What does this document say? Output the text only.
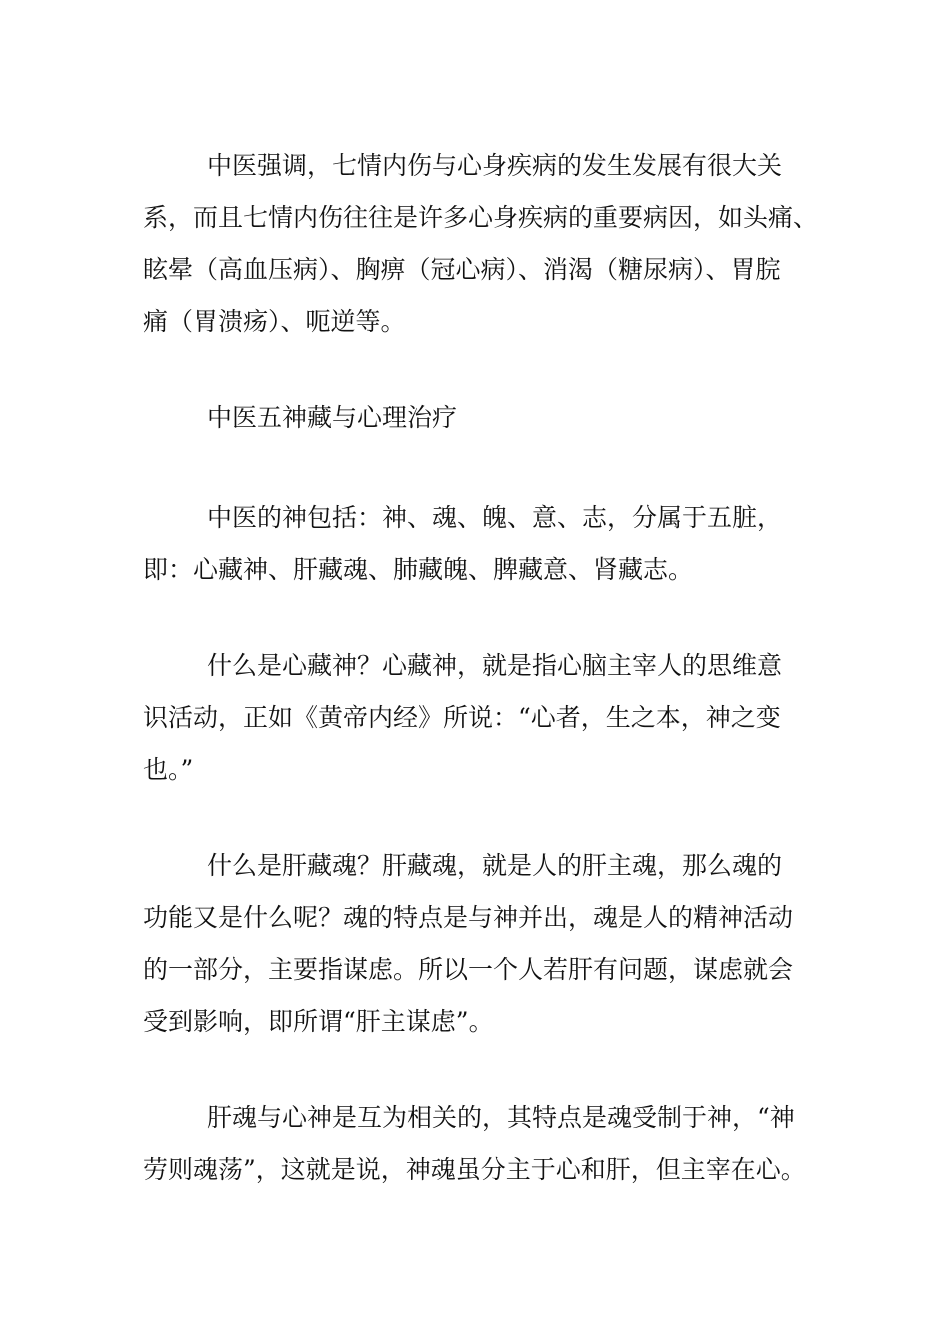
中医强调，七情内伤与心身疾病的发生发展有很大关

系，而且七情内伤往往是许多心身疾病的重要病因，如头痛、

眩晕（高血压病）、胸痹（冠心病）、消渴（糖尿病）、胃脘

痛（胃溃疡）、呃逆等。

中医五神藏与心理治疗

中医的神包括：神、魂、魄、意、志，分属于五脏，

即：心藏神、肝藏魂、肺藏魄、脾藏意、肾藏志。

什么是心藏神？心藏神，就是指心脑主宰人的思维意

识活动，正如《黄帝内经》所说：“心者，生之本，神之变

也。”

什么是肝藏魂？肝藏魂，就是人的肝主魂，那么魂的

功能又是什么呢？魂的特点是与神并出，魂是人的精神活动

的一部分，主要指谋虑。所以一个人若肝有问题，谋虑就会

受到影响，即所谓“肝主谋虑”。

肝魂与心神是互为相关的，其特点是魂受制于神，“神

劳则魂荡”，这就是说，神魂虽分主于心和肝，但主宰在心。
